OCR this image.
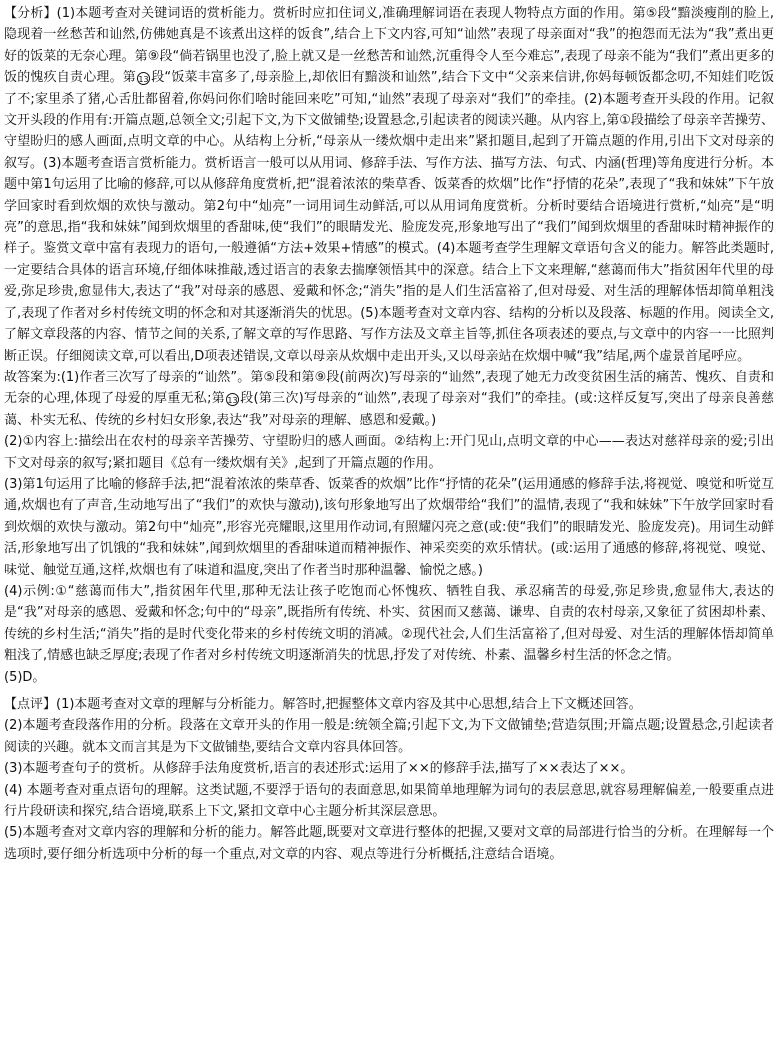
【分析】(1)本题考查对关键词语的赏析能力。赏析时应扣住词义,准确理解词语在表现人物特点方面的作用。第⑤段“黯淡瘦削的脸上,隐现着一丝愁苦和讪然,仿佛她真是不该煮出这样的饭食”,结合上下文内容,可知“讪然”表现了母亲面对“我”的抱怨而无法为“我”煮出更好的饭菜的无奈心理。第⑨段“倘若锅里也没了,脸上就又是一丝愁苦和讪然,沉重得令人至今难忘”,表现了母亲不能为“我们”煮出更多的饭的愧疚自责心理。第 13 段“饭菜丰富多了,母亲脸上,却依旧有黯淡和讪然”,结合下文中“父亲来信讲,你妈每顿饭都念叨,不知娃们吃饭了不;家里杀了猪,心舌肚都留着,你妈问你们啥时能回来吃”可知,“讪然”表现了母亲对“我们”的牵挂。(2)本题考查开头段的作用。记叙文开头段的作用有:开篇点题,总领全文;引起下文,为下文做铺垫;设置悬念,引起读者的阅读兴趣。从内容上,第①段描绘了母亲辛苦操劳、守望盼归的感人画面,点明文章的中心。从结构上分析,“母亲从一缕炊烟中走出来”紧扣题目,起到了开篇点题的作用,引出下文对母亲的叙写。(3)本题考查语言赏析能力。赏析语言一般可以从用词、修辞手法、写作方法、描写方法、句式、内涵(哲理)等角度进行分析。本题中第1句运用了比喻的修辞,可以从修辞角度赏析,把“混着浓浓的柴草香、饭菜香的炊烟”比作“抒情的花朵”,表现了“我和妹妹”下午放学回家时看到炊烟的欢快与激动。第2句中“灿亮”一词用词生动鲜活,可以从用词角度赏析。分析时要结合语境进行赏析,“灿亮”是“明亮”的意思,指“我和妹妹”闻到炊烟里的香甜味,使“我们”的眼睛发光、脸庞发亮,形象地写出了“我们”闻到炊烟里的香甜味时精神振作的样子。鉴赏文章中富有表现力的语句,一般遵循“方法+效果+情感”的模式。(4)本题考查学生理解文章语句含义的能力。解答此类题时,一定要结合具体的语言环境,仔细体味推敲,透过语言的表象去揣摩领悟其中的深意。结合上下文来理解,“慈蔼而伟大”指贫困年代里的母爱,弥足珍贵,愈显伟大,表达了“我”对母亲的感恩、爱戴和怀念;“消失”指的是人们生活富裕了,但对母爱、对生活的理解体悟却简单粗浅了,表现了作者对乡村传统文明的怀念和对其逐渐消失的忧思。(5)本题考查对文章内容、结构的分析以及段落、标题的作用。阅读全文,了解文章段落的内容、情节之间的关系,了解文章的写作思路、写作方法及文章主旨等,抓住各项表述的要点,与文章中的内容一一比照判断正误。仔细阅读文章,可以看出,D项表述错误,文章以母亲从炊烟中走出开头,又以母亲站在炊烟中喊“我”结尾,两个虚景首尾呼应。

故答案为:(1)作者三次写了母亲的“讪然”。第⑤段和第⑨段(前两次)写母亲的“讪然”,表现了她无力改变贫困生活的痛苦、愧疚、自责和无奈的心理,体现了母爱的厚重无私;第 13 段(第三次)写母亲的“讪然”,表现了母亲对“我们”的牵挂。(或:这样反复写,突出了母亲良善慈蔼、朴实无私、传统的乡村妇女形象,表达“我”对母亲的理解、感恩和爱戴。)

(2)①内容上:描绘出在农村的母亲辛苦操劳、守望盼归的感人画面。②结构上:开门见山,点明文章的中心——表达对慈祥母亲的爱;引出下文对母亲的叙写;紧扣题目《总有一缕炊烟有关》,起到了开篇点题的作用。

(3)第1句运用了比喻的修辞手法,把“混着浓浓的柴草香、饭菜香的炊烟”比作“抒情的花朵”(运用通感的修辞手法,将视觉、嗅觉和听觉互通,炊烟也有了声音,生动地写出了“我们”的欢快与激动),该句形象地写出了炊烟带给“我们”的温情,表现了“我和妹妹”下午放学回家时看到炊烟的欢快与激动。第2句中“灿亮”,形容光亮耀眼,这里用作动词,有照耀闪亮之意(或:使“我们”的眼睛发光、脸庞发亮)。用词生动鲜活,形象地写出了饥饿的“我和妹妹”,闻到炊烟里的香甜味道而精神振作、神采奕奕的欢乐情状。(或:运用了通感的修辞,将视觉、嗅觉、味觉、触觉互通,这样,炊烟也有了味道和温度,突出了作者当时那种温馨、愉悦之感。)

(4)示例:①“慈蔼而伟大”,指贫困年代里,那种无法让孩子吃饱而心怀愧疚、牺牲自我、承忍痛苦的母爱,弥足珍贵,愈显伟大,表达的是“我”对母亲的感恩、爱戴和怀念;句中的“母亲”,既指所有传统、朴实、贫困而又慈蔼、谦卑、自责的农村母亲,又象征了贫困却朴素、传统的乡村生活;“消失”指的是时代变化带来的乡村传统文明的消减。②现代社会,人们生活富裕了,但对母爱、对生活的理解体悟却简单粗浅了,情感也缺乏厚度;表现了作者对乡村传统文明逐渐消失的忧思,抒发了对传统、朴素、温馨乡村生活的怀念之情。

(5)D。

【点评】(1)本题考查对文章的理解与分析能力。解答时,把握整体文章内容及其中心思想,结合上下文概述回答。

(2)本题考查段落作用的分析。段落在文章开头的作用一般是:统领全篇;引起下文,为下文做铺垫;营造氛围;开篇点题;设置悬念,引起读者阅读的兴趣。就本文而言其是为下文做铺垫,要结合文章内容具体回答。

(3)本题考查句子的赏析。从修辞手法角度赏析,语言的表述形式:运用了××的修辞手法,描写了××表达了××。

(4) 本题考查对重点语句的理解。这类试题,不要浮于语句的表面意思,如果简单地理解为词句的表层意思,就容易理解偏差,一般要重点进行片段研读和探究,结合语境,联系上下文,紧扣文章中心主题分析其深层意思。

(5)本题考查对文章内容的理解和分析的能力。解答此题,既要对文章进行整体的把握,又要对文章的局部进行恰当的分析。在理解每一个选项时,要仔细分析选项中分析的每一个重点,对文章的内容、观点等进行分析概括,注意结合语境。
